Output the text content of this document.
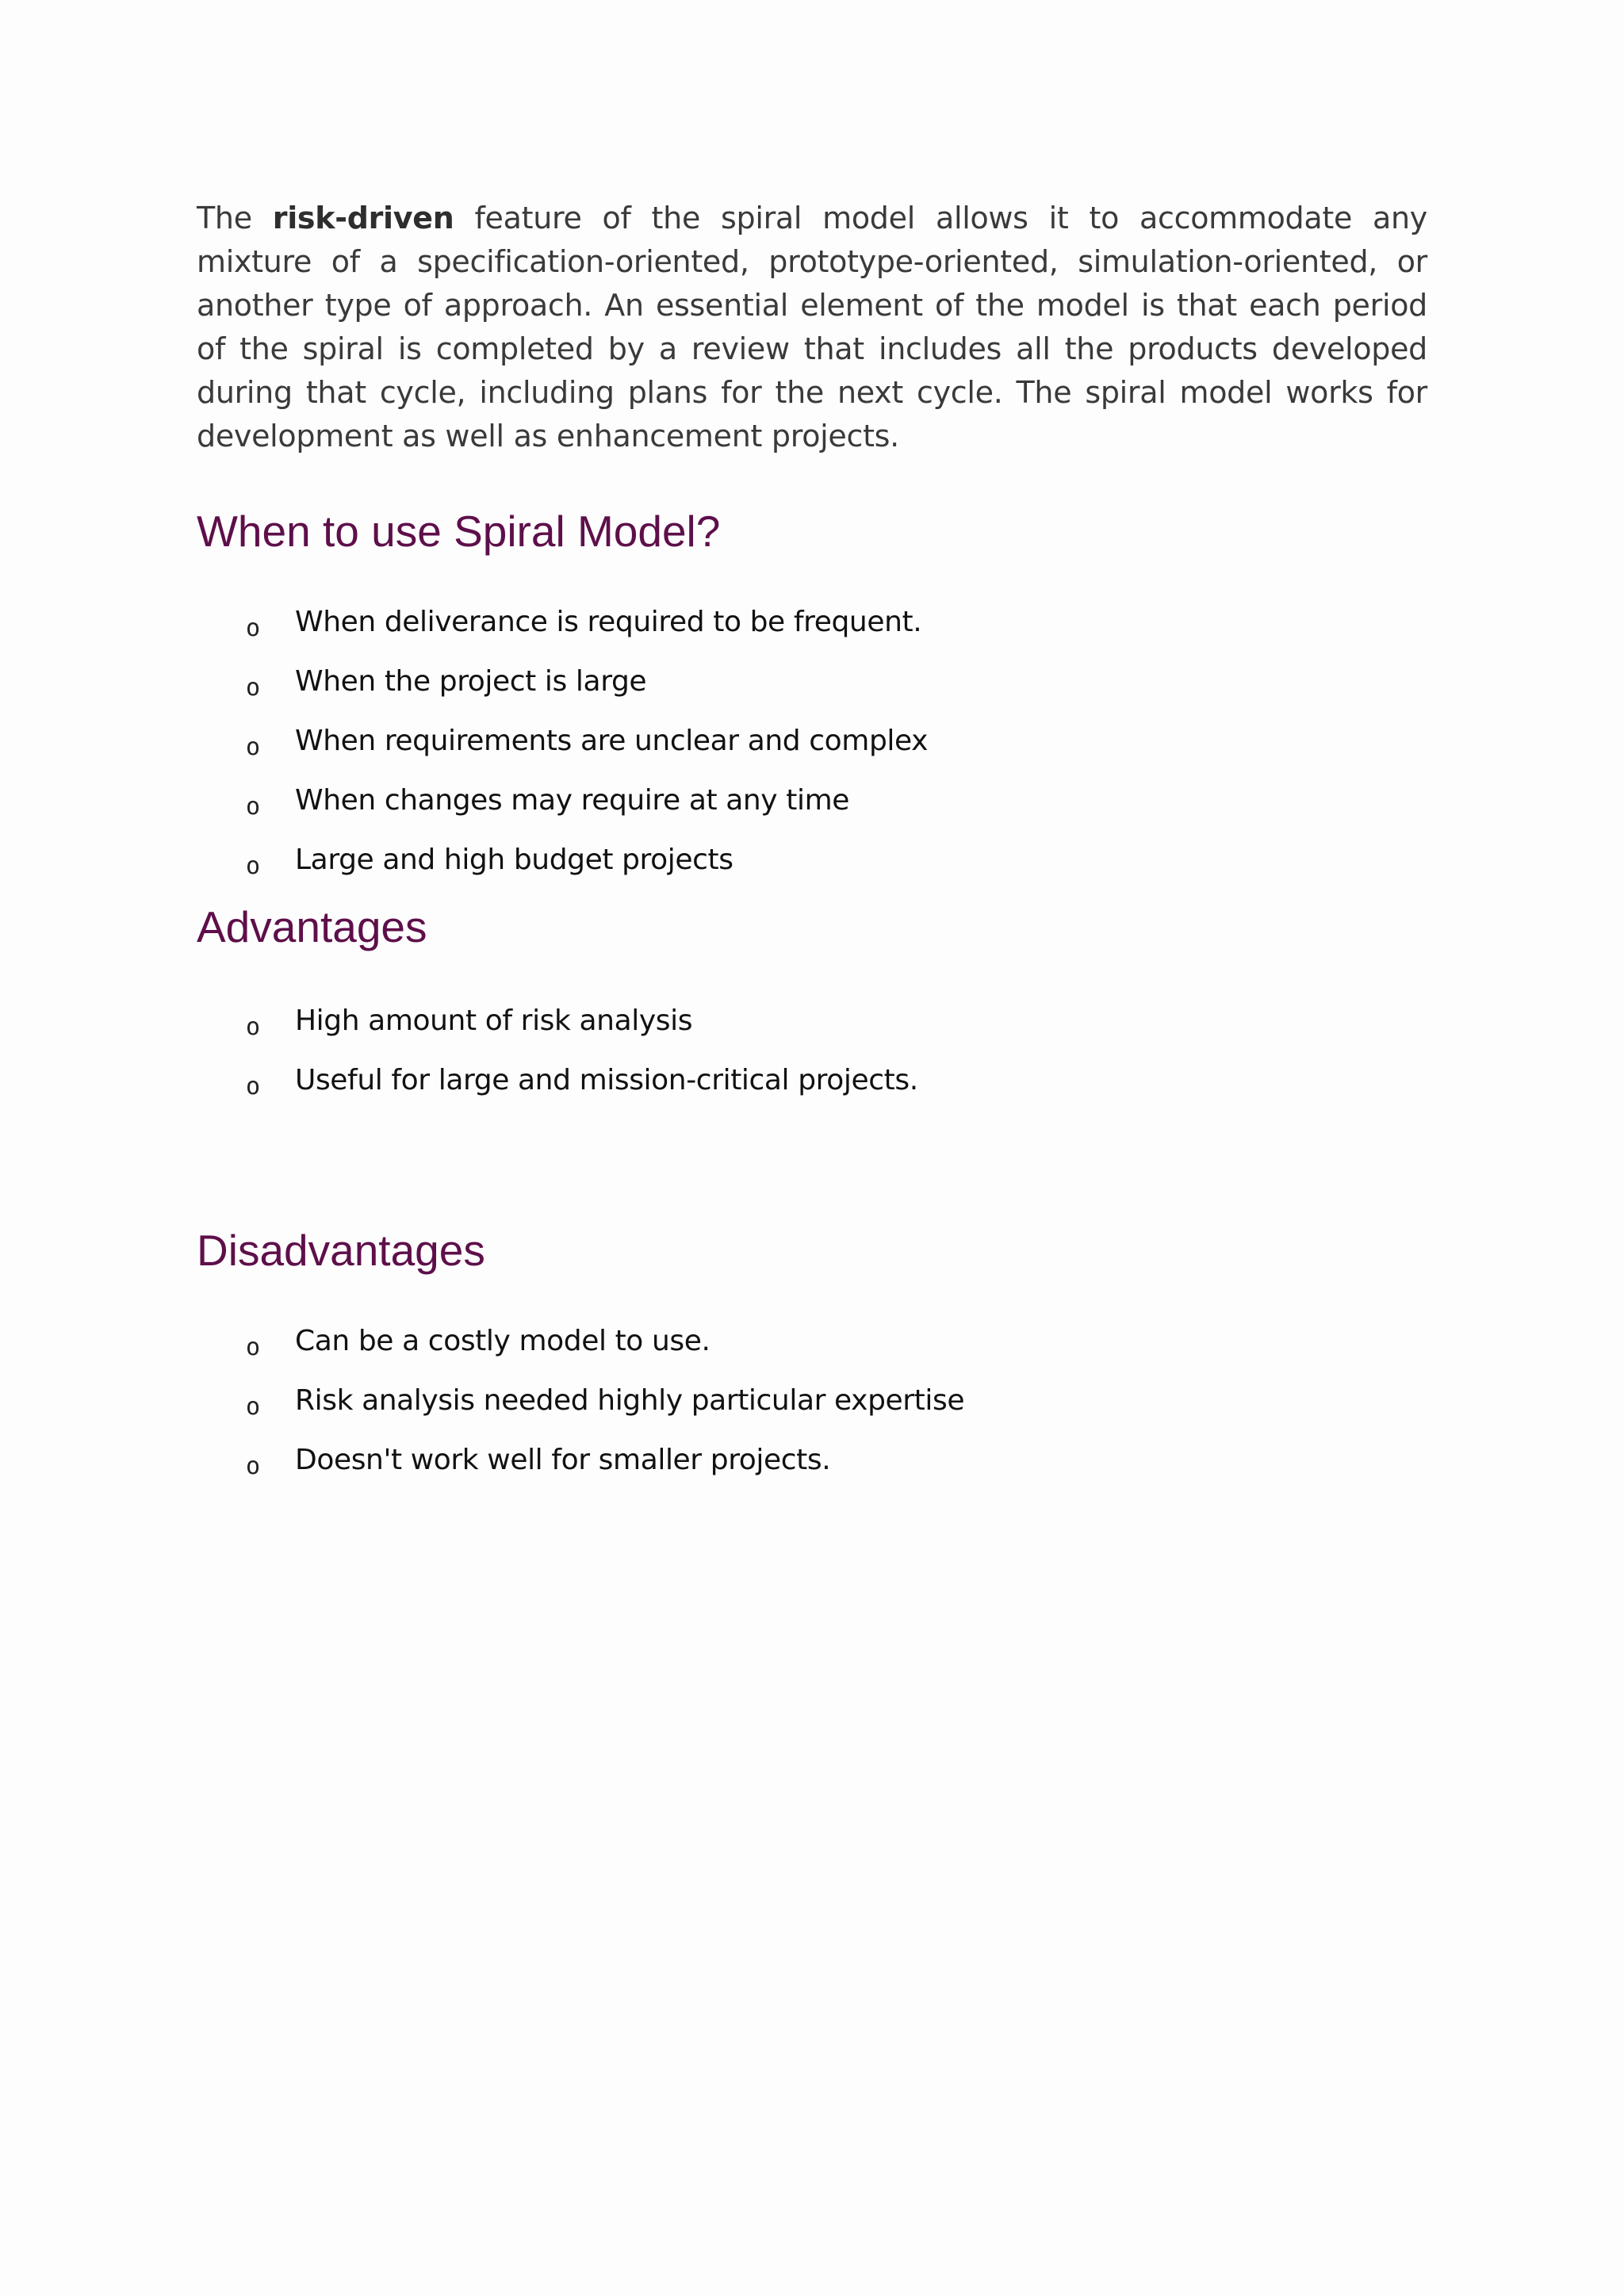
The risk-driven feature of the spiral model allows it to accommodate any mixture of a specification-oriented, prototype-oriented, simulation-oriented, or another type of approach. An essential element of the model is that each period of the spiral is completed by a review that includes all the products developed during that cycle, including plans for the next cycle. The spiral model works for development as well as enhancement projects.

When to use Spiral Model?
o When deliverance is required to be frequent.
o When the project is large
o When requirements are unclear and complex
o When changes may require at any time
o Large and high budget projects
Advantages
o High amount of risk analysis
o Useful for large and mission-critical projects.
Disadvantages
o Can be a costly model to use.
o Risk analysis needed highly particular expertise
o Doesn't work well for smaller projects.
